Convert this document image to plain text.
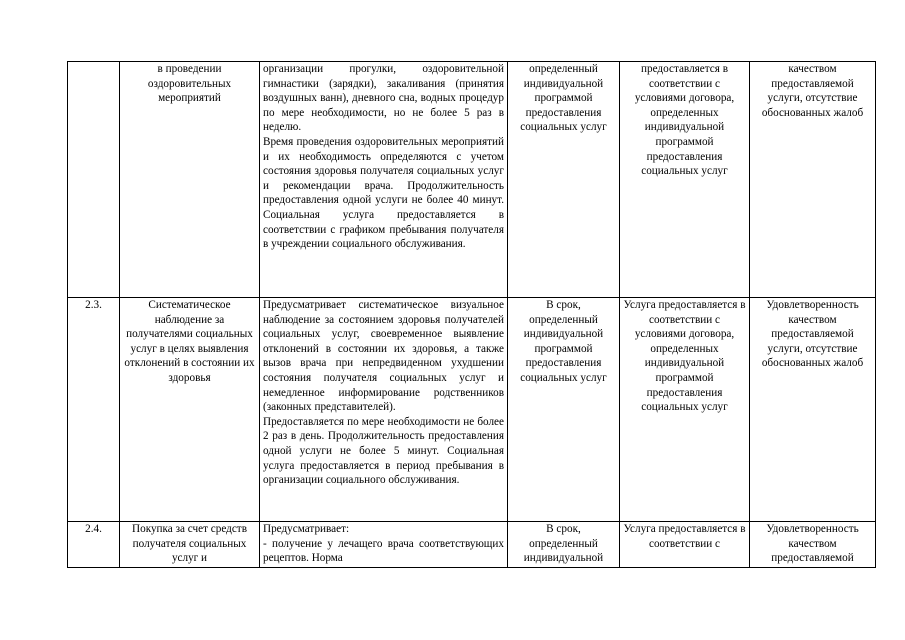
	в проведении оздоровительных мероприятий	организации прогулки, оздоровительной гимнастики (зарядки), закаливания (принятия воздушных ванн), дневного сна, водных процедур по мере необходимости, но не более 5 раз в неделю.
Время проведения оздоровительных мероприятий и их необходимость определяются с учетом состояния здоровья получателя социальных услуг и рекомендации врача. Продолжительность предоставления одной услуги не более 40 минут. Социальная услуга предоставляется в соответствии с графиком пребывания получателя в учреждении социального обслуживания.	определенный индивидуальной программой предоставления социальных услуг	предоставляется в соответствии с условиями договора, определенных индивидуальной программой предоставления социальных услуг	качеством предоставляемой услуги, отсутствие обоснованных жалоб
2.3.	Систематическое наблюдение за получателями социальных услуг в целях выявления отклонений в состоянии их здоровья	Предусматривает систематическое визуальное наблюдение за состоянием здоровья получателей социальных услуг, своевременное выявление отклонений в состоянии их здоровья, а также вызов врача при непредвиденном ухудшении состояния получателя социальных услуг и немедленное информирование родственников (законных представителей).
Предоставляется по мере необходимости не более 2 раз в день. Продолжительность предоставления одной услуги не более 5 минут. Социальная услуга предоставляется в период пребывания в организации социального обслуживания.	В срок, определенный индивидуальной программой предоставления социальных услуг	Услуга предоставляется в соответствии с условиями договора, определенных индивидуальной программой предоставления социальных услуг	Удовлетворенность качеством предоставляемой услуги, отсутствие обоснованных жалоб
2.4.	Покупка за счет средств получателя социальных услуг и	Предусматривает:
- получение у лечащего врача соответствующих рецептов. Норма	В срок, определенный индивидуальной	Услуга предоставляется в соответствии с	Удовлетворенность качеством предоставляемой
